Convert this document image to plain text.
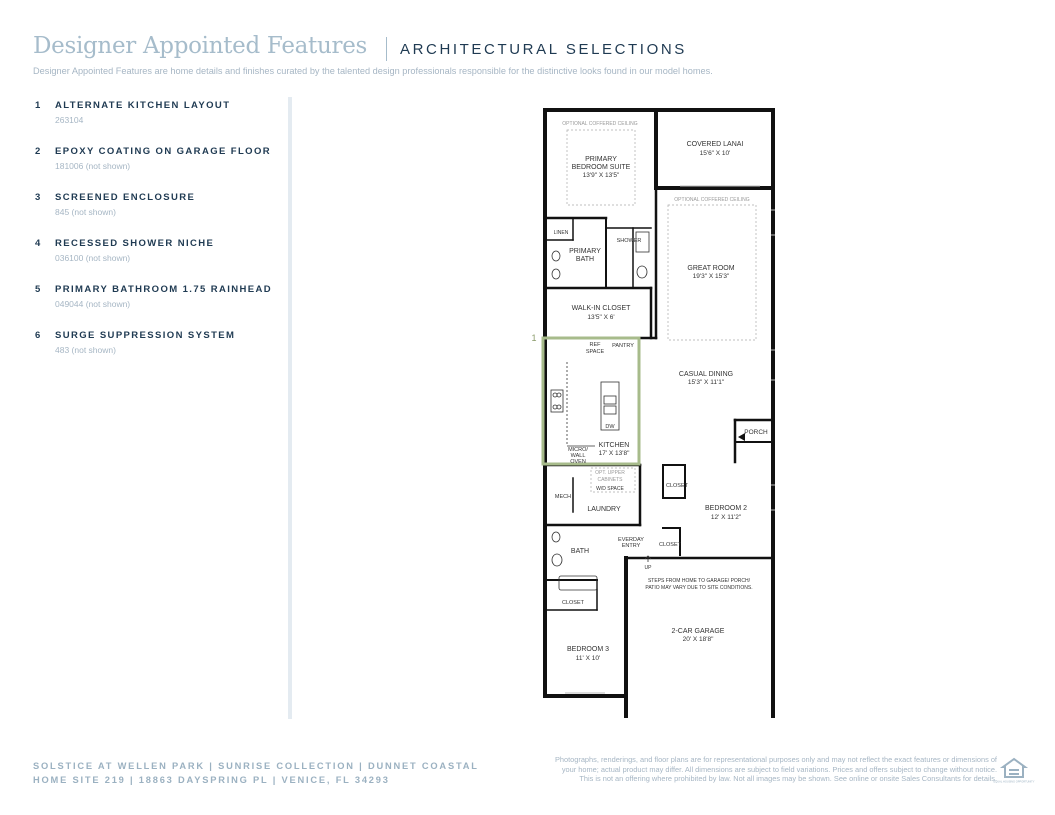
Designer Appointed Features ARCHITECTURAL SELECTIONS
Designer Appointed Features are home details and finishes curated by the talented design professionals responsible for the distinctive looks found in our model homes.
1 ALTERNATE KITCHEN LAYOUT
263104
2 EPOXY COATING ON GARAGE FLOOR
181006 (not shown)
3 SCREENED ENCLOSURE
845 (not shown)
4 RECESSED SHOWER NICHE
036100 (not shown)
5 PRIMARY BATHROOM 1.75 RAINHEAD
049044 (not shown)
6 SURGE SUPPRESSION SYSTEM
483 (not shown)
1
OPTIONAL COFFERED CEILING
PRIMARY
BEDROOM SUITE
13'9" X 13'5"
COVERED LANAI
15'6" X 10'
OPTIONAL COFFERED CEILING
LINEN
SHOWER
PRIMARY
BATH
GREAT ROOM
19'3" X 15'3"
WALK-IN CLOSET
13'5" X 6'
REF
SPACE
PANTRY
CASUAL DINING
15'3" X 11'1"
DW
MICRO/
WALL
OVEN
KITCHEN
17' X 13'8"
PORCH
OPT. UPPER
CABINETS
W/D SPACE
MECH
LAUNDRY
CLOSET
BEDROOM 2
12' X 11'2"
BATH
EVERDAY
ENTRY	CLOSET
UP
STEPS FROM HOME TO GARAGE/ PORCH/
PATIO MAY VARY DUE TO SITE CONDITIONS.
CLOSET
2-CAR GARAGE
20' X 18'8"
BEDROOM 3
11' X 10'
SOLSTICE AT WELLEN PARK | SUNRISE COLLECTION | DUNNET COASTAL
HOME SITE 219 | 18863 DAYSPRING PL | VENICE, FL 34293
Photographs, renderings, and floor plans are for representational purposes only and may not reflect the exact features or dimensions of
your home; actual product may differ. All dimensions are subject to field variations. Prices and offers subject to change without notice.
This is not an offering where prohibited by law. Not all images may be shown. See online or onsite Sales Consultants for details.
EQUAL HOUSING OPPORTUNITY
